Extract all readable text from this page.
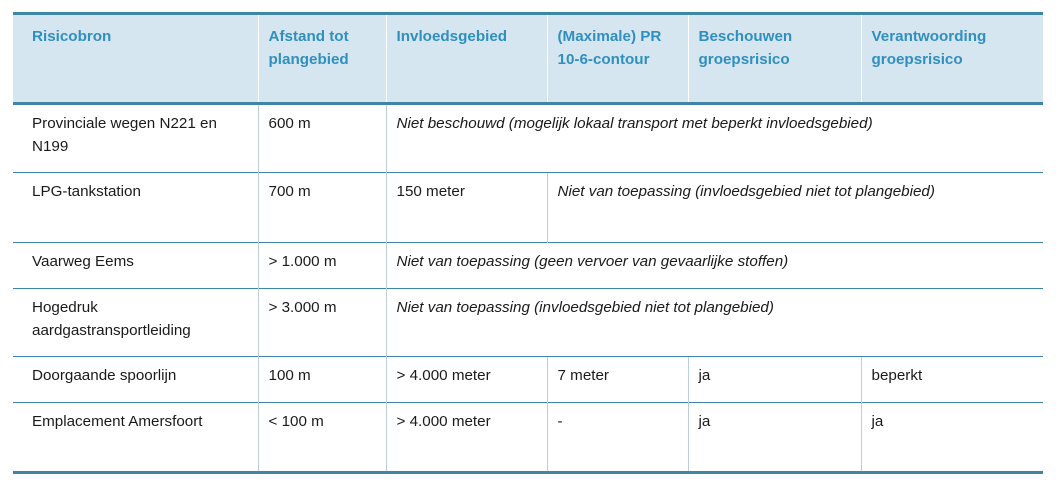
Risicobron	Afstand tot plangebied	Invloedsgebied	(Maximale) PR 10-6-contour	Beschouwen groepsrisico	Verantwoording groepsrisico
Provinciale wegen N221 en N199	600 m	Niet beschouwd (mogelijk lokaal transport met beperkt invloedsgebied)			
LPG-tankstation	700 m	150 meter	Niet van toepassing (invloedsgebied niet tot plangebied)		
Vaarweg Eems	> 1.000 m	Niet van toepassing (geen vervoer van gevaarlijke stoffen)			
Hogedruk aardgastransportleiding	> 3.000 m	Niet van toepassing (invloedsgebied niet tot plangebied)			
Doorgaande spoorlijn	100 m	> 4.000 meter	7 meter	ja	beperkt
Emplacement Amersfoort	< 100 m	> 4.000 meter	-	ja	ja
